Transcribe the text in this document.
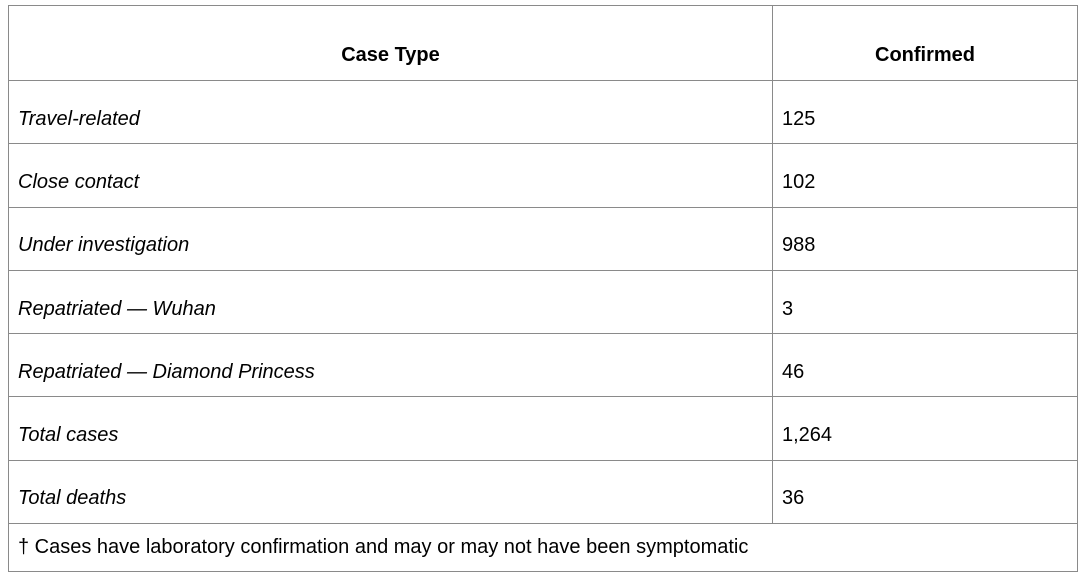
Case Type	Confirmed
Travel-related	125
Close contact	102
Under investigation	988
Repatriated — Wuhan	3
Repatriated — Diamond Princess	46
Total cases	1,264
Total deaths	36
† Cases have laboratory confirmation and may or may not have been symptomatic	
